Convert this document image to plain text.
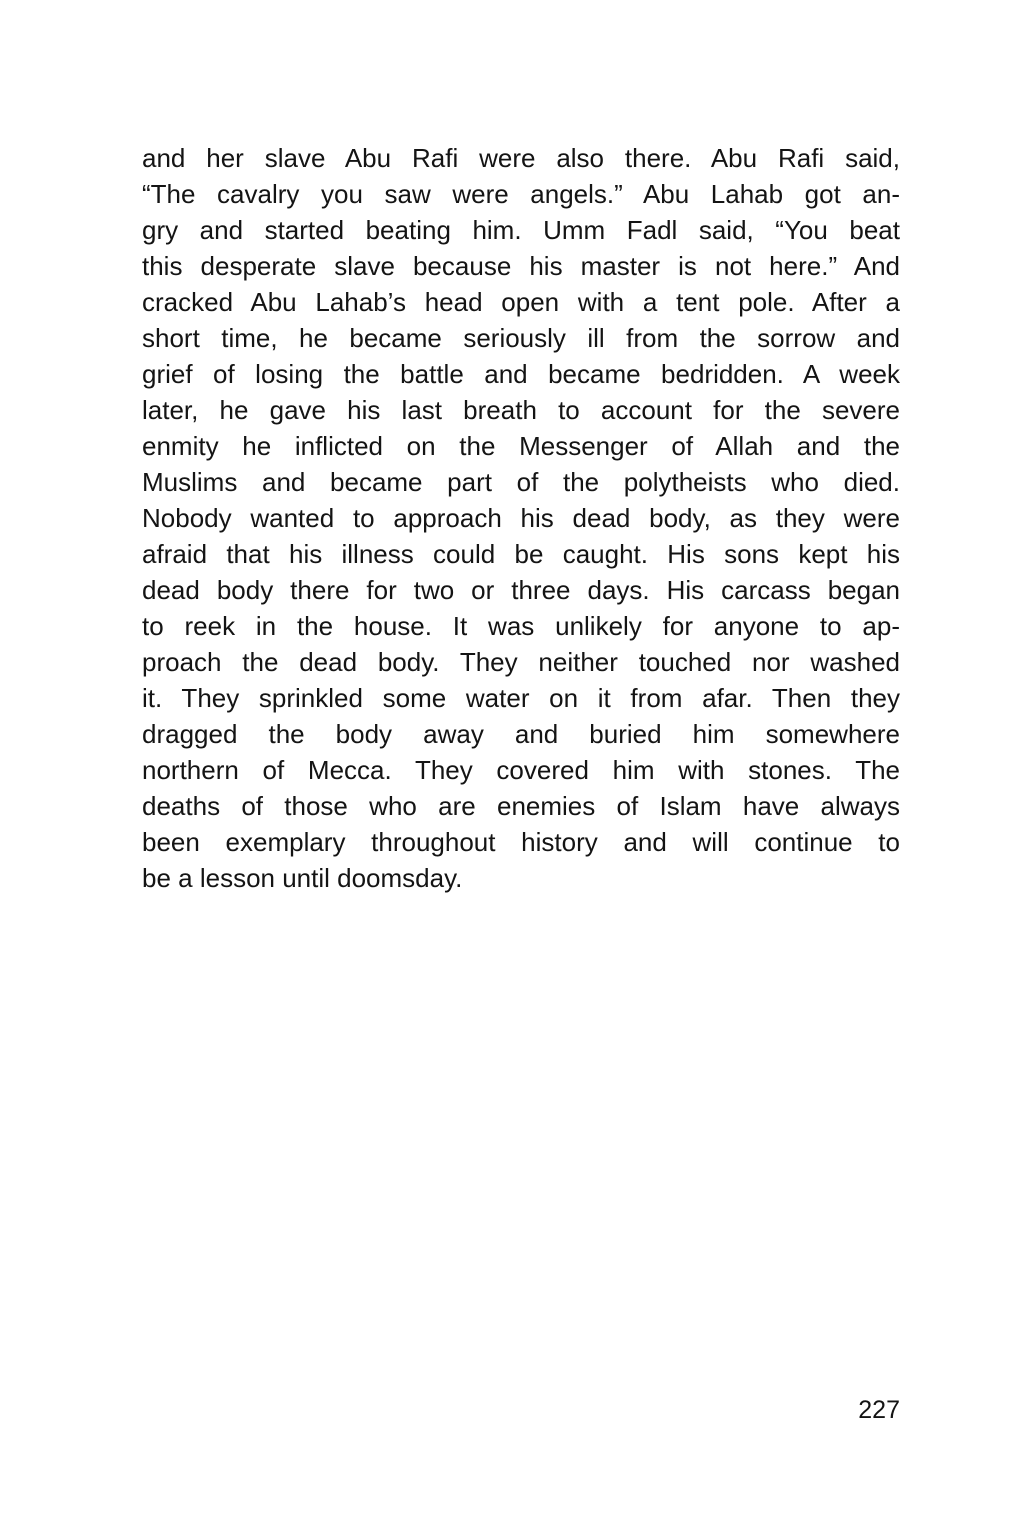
and her slave Abu Rafi were also there. Abu Rafi said,
“The cavalry you saw were angels.” Abu Lahab got an-
gry and started beating him. Umm Fadl said, “You beat
this desperate slave because his master is not here.” And
cracked Abu Lahab’s head open with a tent pole. After a
short time, he became seriously ill from the sorrow and
grief of losing the battle and became bedridden. A week
later, he gave his last breath to account for the severe
enmity he inflicted on the Messenger of Allah and the
Muslims and became part of the polytheists who died.
Nobody wanted to approach his dead body, as they were
afraid that his illness could be caught. His sons kept his
dead body there for two or three days. His carcass began
to reek in the house. It was unlikely for anyone to ap-
proach the dead body. They neither touched nor washed
it. They sprinkled some water on it from afar. Then they
dragged the body away and buried him somewhere
northern of Mecca. They covered him with stones. The
deaths of those who are enemies of Islam have always
been exemplary throughout history and will continue to
be a lesson until doomsday.
227
